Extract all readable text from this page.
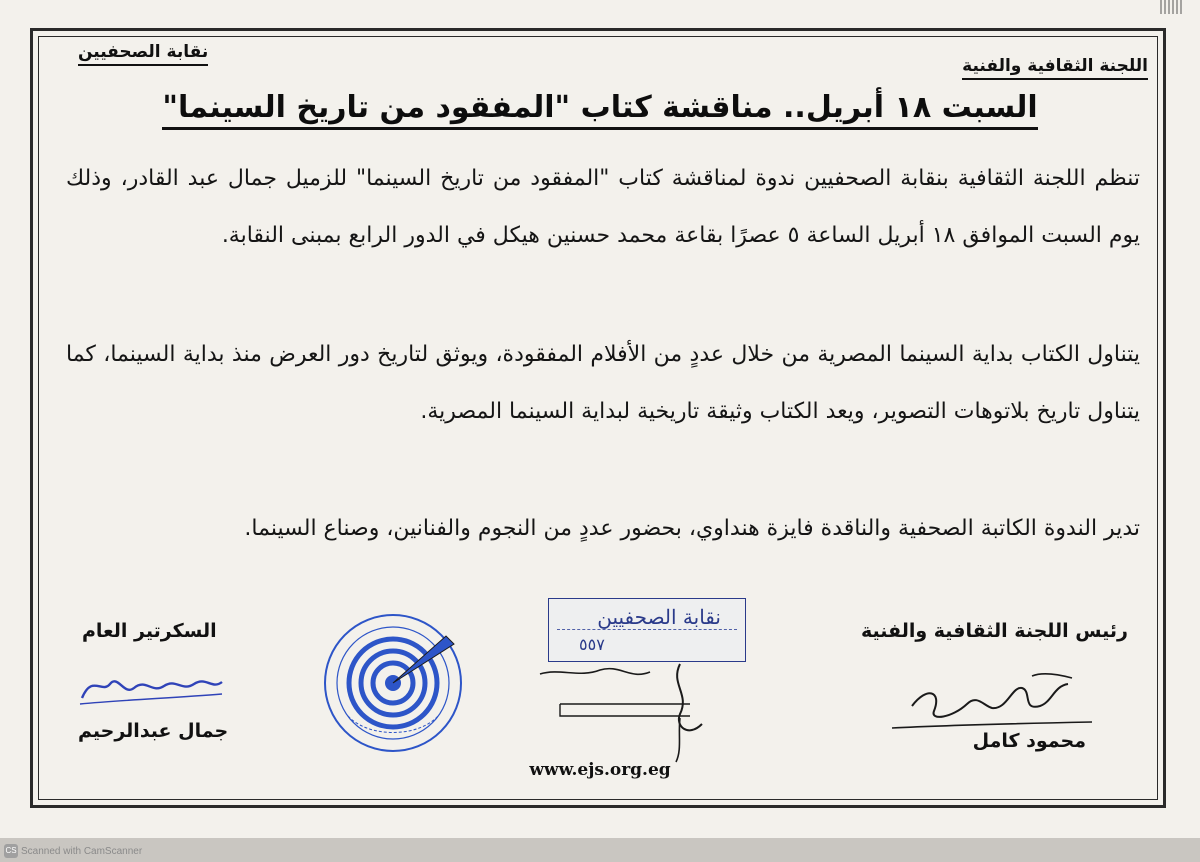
نقابة الصحفيين
اللجنة الثقافية والفنية
السبت ١٨ أبريل.. مناقشة كتاب "المفقود من تاريخ السينما"
تنظم اللجنة الثقافية بنقابة الصحفيين ندوة لمناقشة كتاب "المفقود من تاريخ السينما" للزميل جمال عبد القادر، وذلك يوم السبت الموافق ١٨ أبريل الساعة ٥ عصرًا بقاعة محمد حسنين هيكل في الدور الرابع بمبنى النقابة.
يتناول الكتاب بداية السينما المصرية من خلال عددٍ من الأفلام المفقودة، ويوثق لتاريخ دور العرض منذ بداية السينما، كما يتناول تاريخ بلاتوهات التصوير، ويعد الكتاب وثيقة تاريخية لبداية السينما المصرية.
تدير الندوة الكاتبة الصحفية والناقدة فايزة هنداوي، بحضور عددٍ من النجوم والفنانين، وصناع السينما.
رئيس اللجنة الثقافية والفنية
السكرتير العام
محمود كامل
جمال عبدالرحيم
نقابة الصحفيين
٥٥٧
www.ejs.org.eg
CS Scanned with CamScanner
